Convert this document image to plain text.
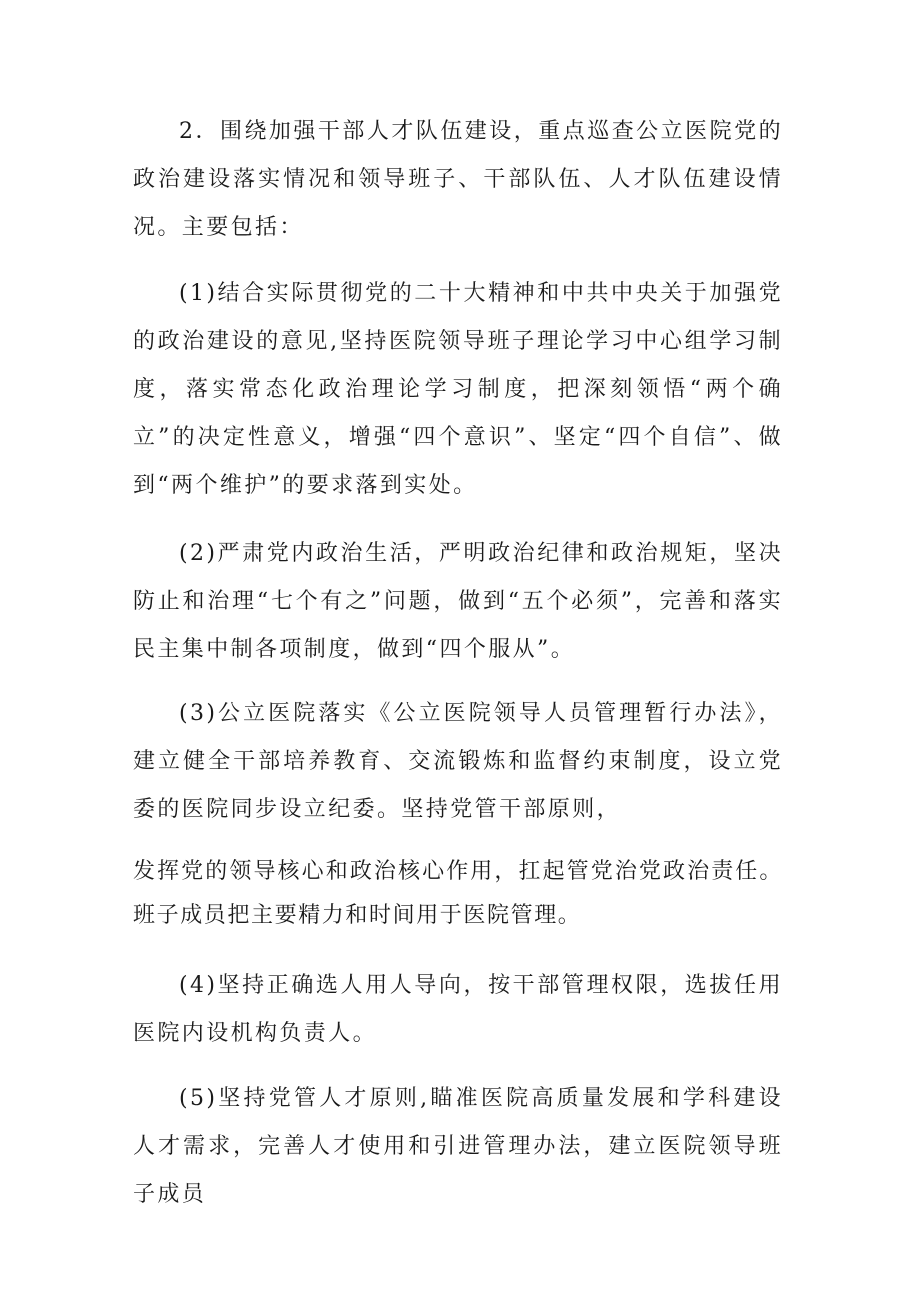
2．围绕加强干部人才队伍建设，重点巡查公立医院党的政治建设落实情况和领导班子、干部队伍、人才队伍建设情况。主要包括：

(1)结合实际贯彻党的二十大精神和中共中央关于加强党的政治建设的意见,坚持医院领导班子理论学习中心组学习制度，落实常态化政治理论学习制度，把深刻领悟“两个确立”的决定性意义，增强“四个意识”、坚定“四个自信”、做到“两个维护”的要求落到实处。

(2)严肃党内政治生活，严明政治纪律和政治规矩，坚决防止和治理“七个有之”问题，做到“五个必须”，完善和落实民主集中制各项制度，做到“四个服从”。

(3)公立医院落实《公立医院领导人员管理暂行办法》，建立健全干部培养教育、交流锻炼和监督约束制度，设立党委的医院同步设立纪委。坚持党管干部原则，

发挥党的领导核心和政治核心作用，扛起管党治党政治责任。班子成员把主要精力和时间用于医院管理。

(4)坚持正确选人用人导向，按干部管理权限，选拔任用医院内设机构负责人。

(5)坚持党管人才原则,瞄准医院高质量发展和学科建设人才需求，完善人才使用和引进管理办法，建立医院领导班子成员
